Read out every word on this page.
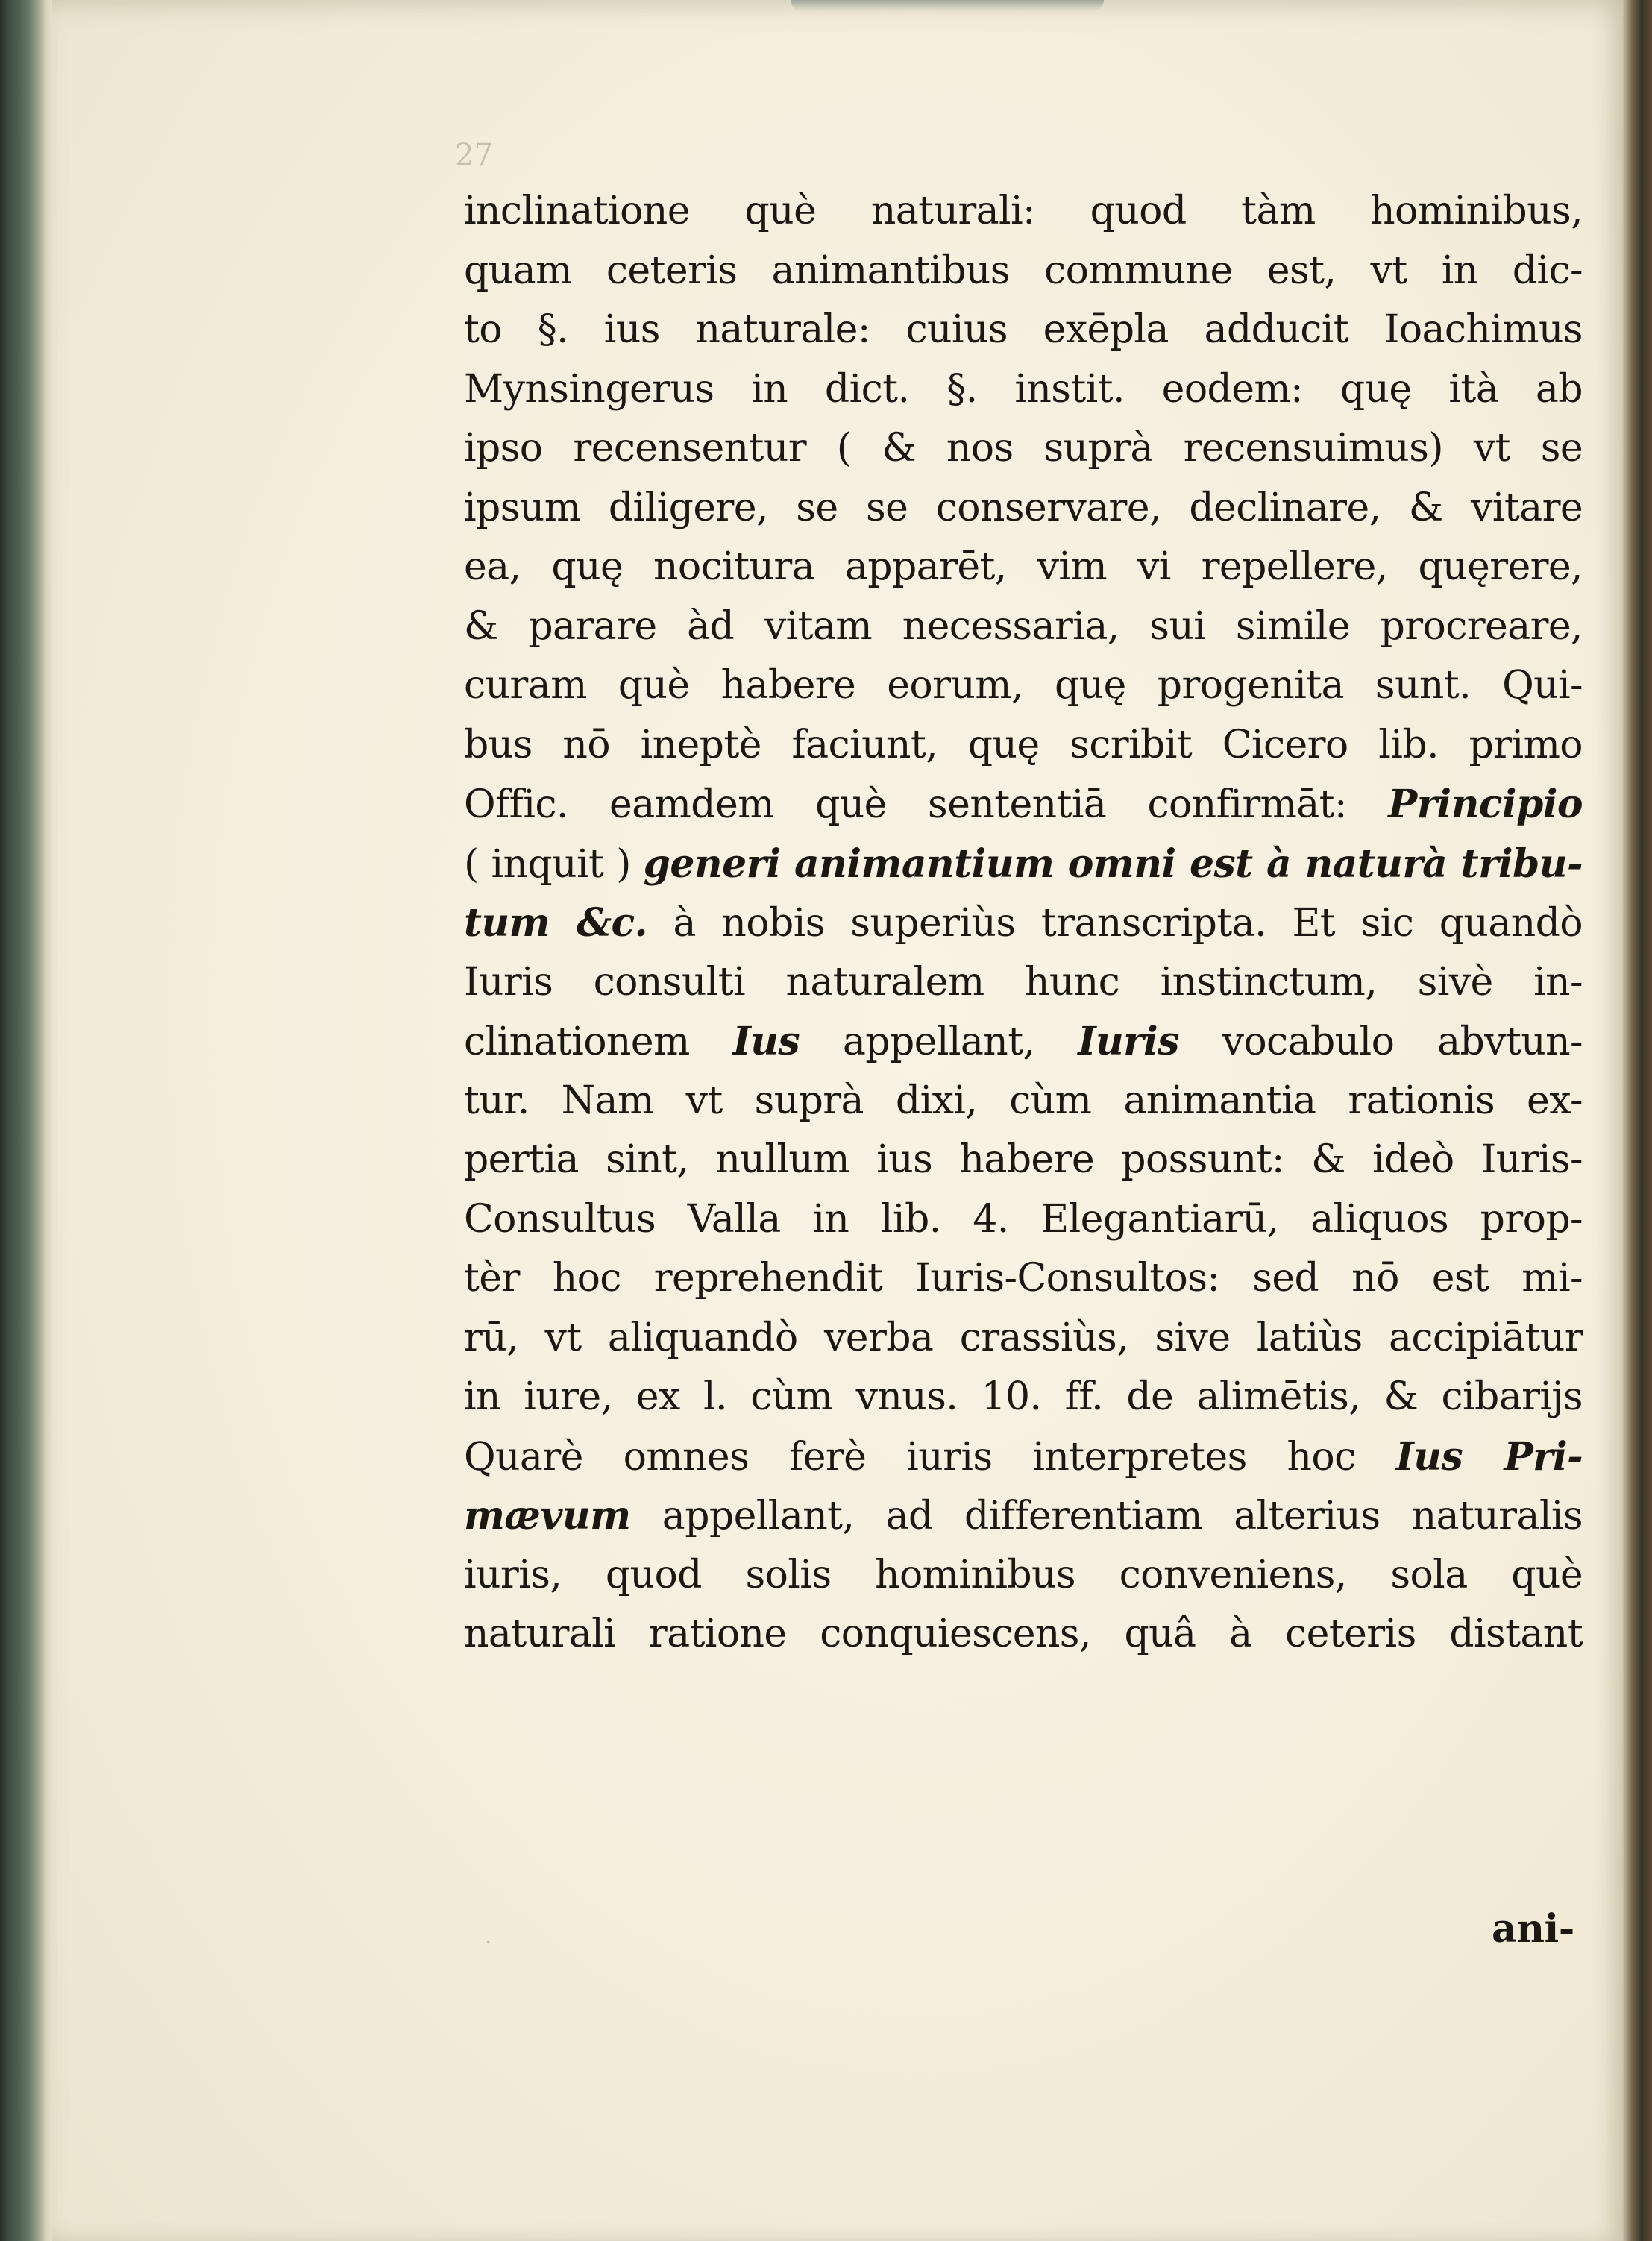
27
inclinatione què naturali: quod tàm hominibus,
quam ceteris animantibus commune est, vt in dic-
to §. ius naturale: cuius exēpla adducit Ioachimus
Mynsingerus in dict. §. instit. eodem: quę ità ab
ipso recensentur ( & nos suprà recensuimus) vt se
ipsum diligere, se se conservare, declinare, & vitare
ea, quę nocitura apparēt, vim vi repellere, quęrere,
& parare àd vitam necessaria, sui simile procreare,
curam què habere eorum, quę progenita sunt. Qui-
bus nō ineptè faciunt, quę scribit Cicero lib. primo
Offic. eamdem què sententiā confirmāt: Principio
( inquit ) generi animantium omni est à naturà tribu-
tum &c. à nobis superiùs transcripta. Et sic quandò
Iuris consulti naturalem hunc instinctum, sivè in-
clinationem Ius appellant, Iuris vocabulo abvtun-
tur. Nam vt suprà dixi, cùm animantia rationis ex-
pertia sint, nullum ius habere possunt: & ideò Iuris-
Consultus Valla in lib. 4. Elegantiarū, aliquos prop-
tèr hoc reprehendit Iuris-Consultos: sed nō est mi-
rū, vt aliquandò verba crassiùs, sive latiùs accipiātur
in iure, ex l. cùm vnus. 10. ff. de alimētis, & cibarijs
Quarè omnes ferè iuris interpretes hoc Ius Pri-
mævum appellant, ad differentiam alterius naturalis
iuris, quod solis hominibus conveniens, sola què
naturali ratione conquiescens, quâ à ceteris distant
ani-
·
